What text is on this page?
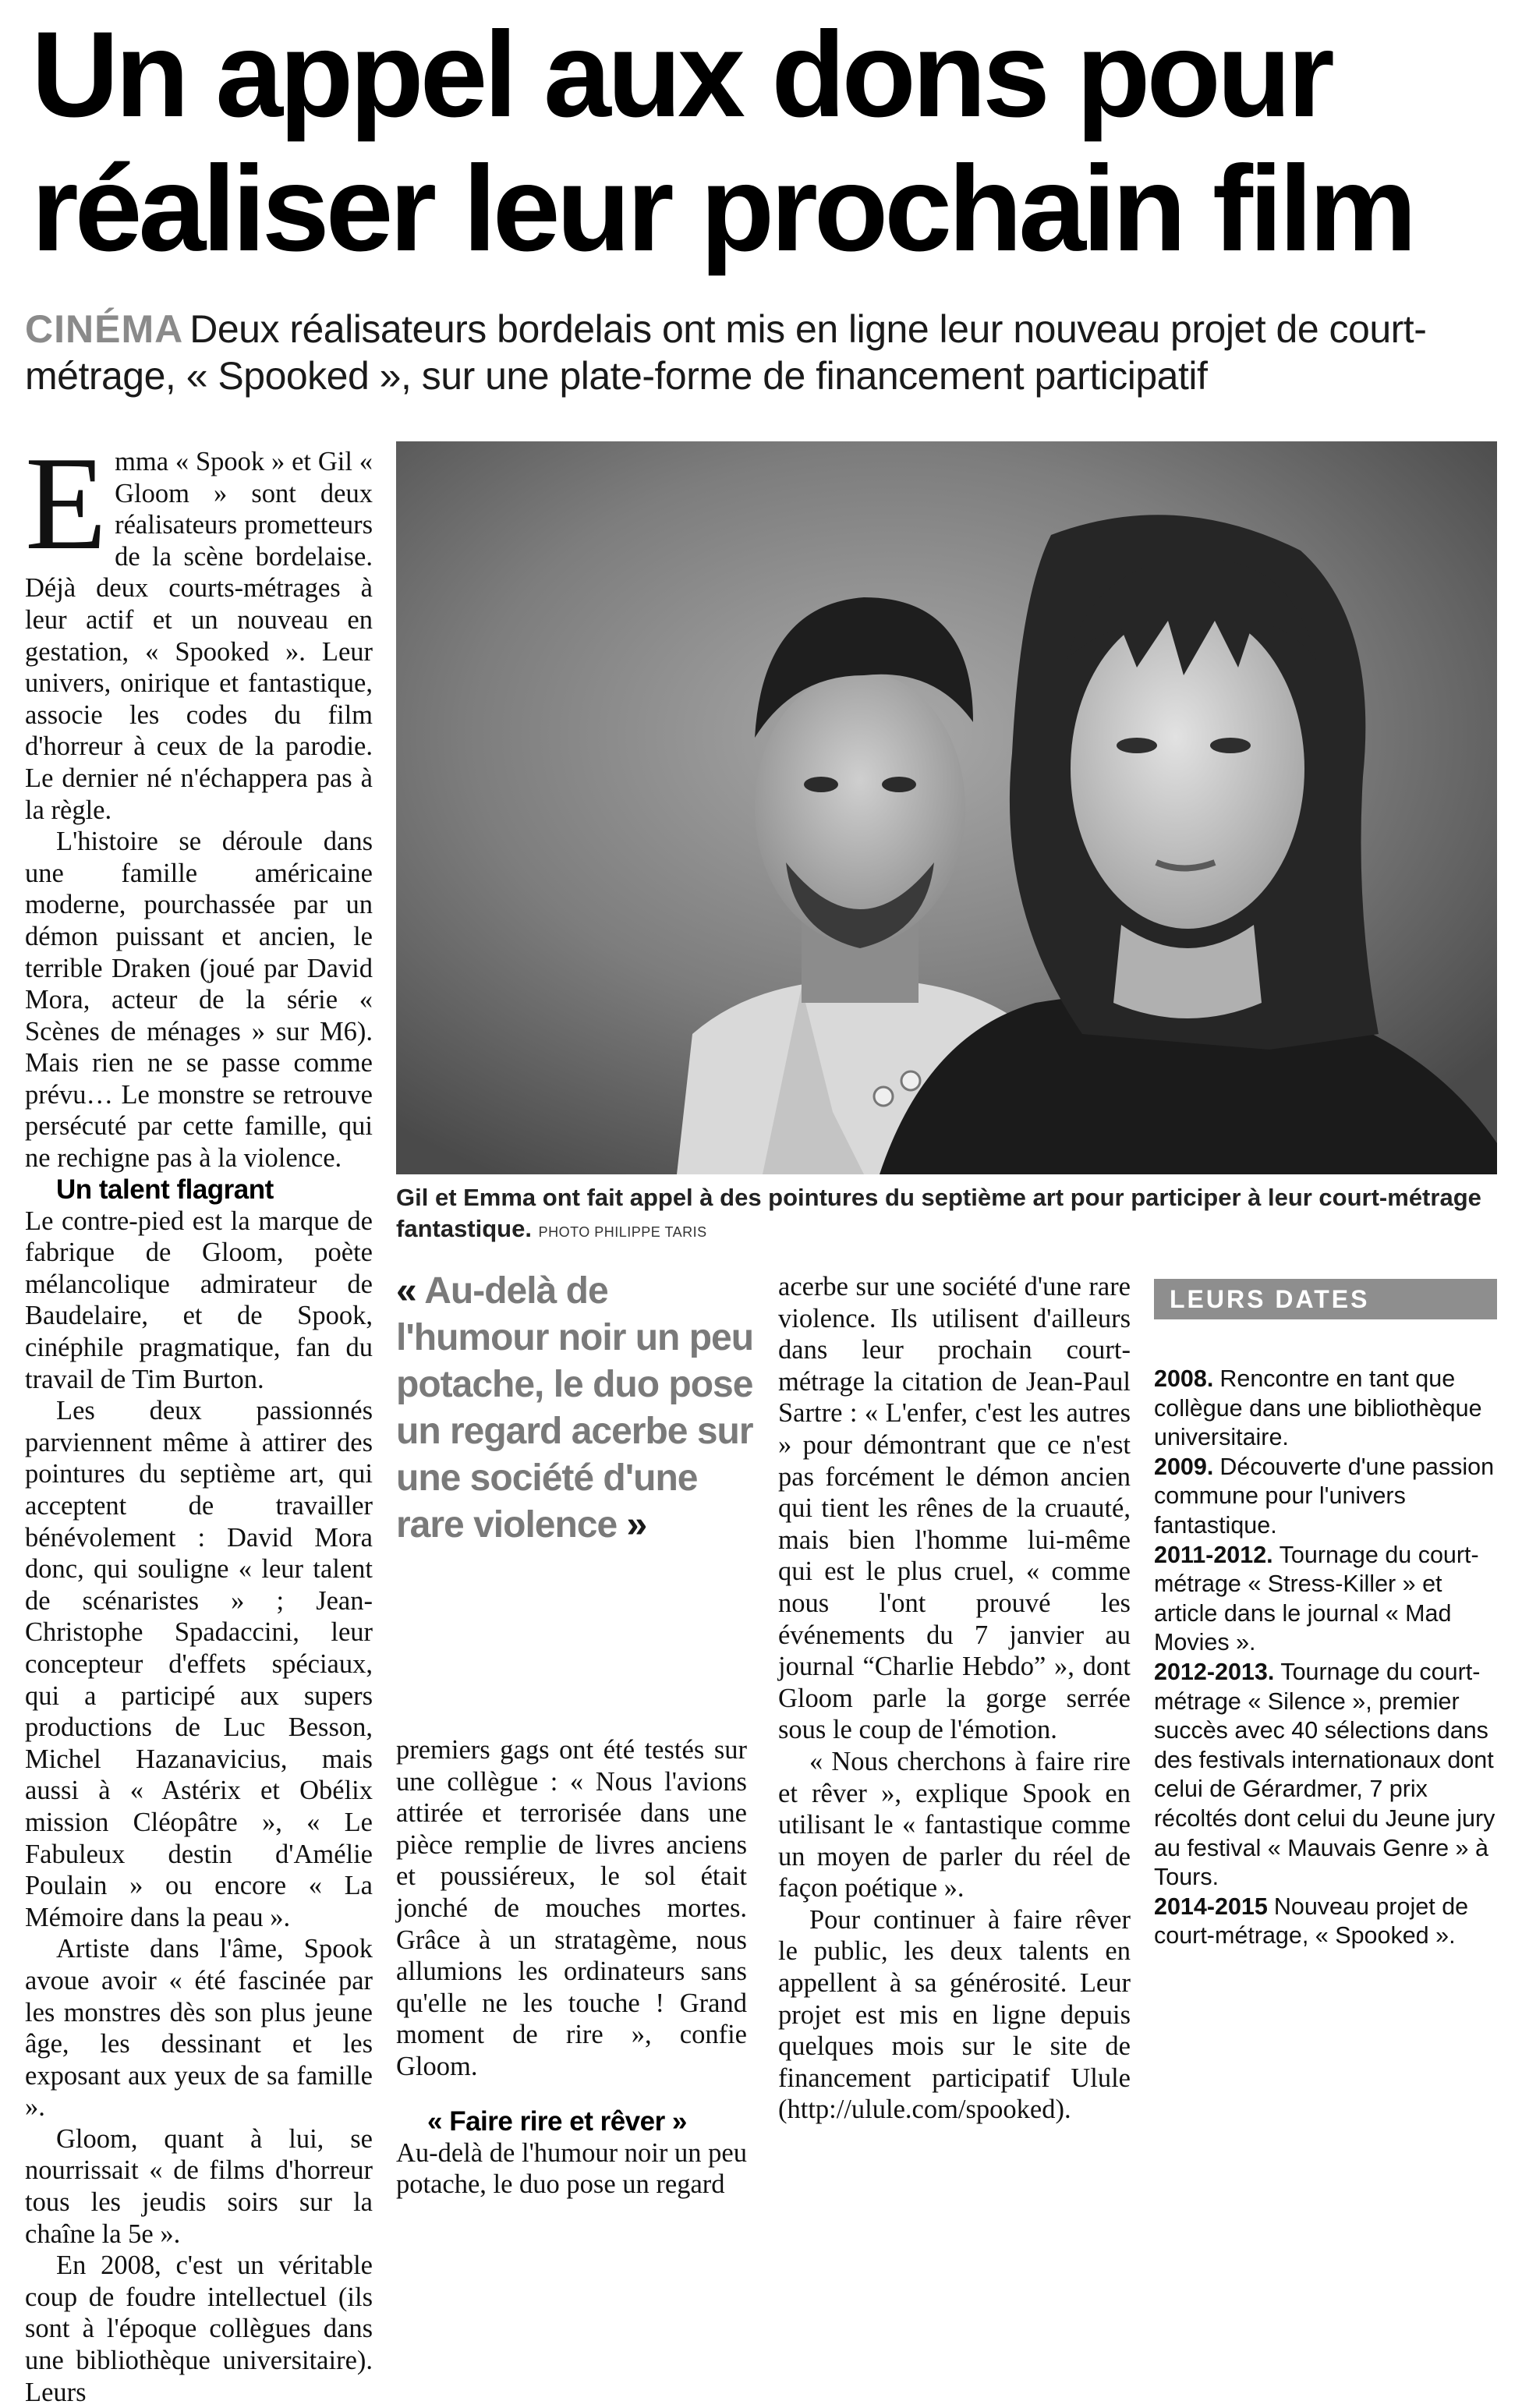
Un appel aux dons pour réaliser leur prochain film
CINÉMA Deux réalisateurs bordelais ont mis en ligne leur nouveau projet de court-métrage, « Spooked », sur une plate-forme de financement participatif

Emma « Spook » et Gil « Gloom » sont deux réalisateurs prometteurs de la scène bordelaise. Déjà deux courts-métrages à leur actif et un nouveau en gestation, « Spooked ». Leur univers, onirique et fantastique, associe les codes du film d'horreur à ceux de la parodie. Le dernier né n'échappera pas à la règle.

L'histoire se déroule dans une famille américaine moderne, pourchassée par un démon puissant et ancien, le terrible Draken (joué par David Mora, acteur de la série « Scènes de ménages » sur M6). Mais rien ne se passe comme prévu… Le monstre se retrouve persécuté par cette famille, qui ne rechigne pas à la violence.

Un talent flagrant

Le contre-pied est la marque de fabrique de Gloom, poète mélancolique admirateur de Baudelaire, et de Spook, cinéphile pragmatique, fan du travail de Tim Burton.

Les deux passionnés parviennent même à attirer des pointures du septième art, qui acceptent de travailler bénévolement : David Mora donc, qui souligne « leur talent de scénaristes » ; Jean-Christophe Spadaccini, leur concepteur d'effets spéciaux, qui a participé aux supers productions de Luc Besson, Michel Hazanavicius, mais aussi à « Astérix et Obélix mission Cléopâtre », « Le Fabuleux destin d'Amélie Poulain » ou encore « La Mémoire dans la peau ».

Artiste dans l'âme, Spook avoue avoir « été fascinée par les monstres dès son plus jeune âge, les dessinant et les exposant aux yeux de sa famille ».

Gloom, quant à lui, se nourrissait « de films d'horreur tous les jeudis soirs sur la chaîne la 5e ».

En 2008, c'est un véritable coup de foudre intellectuel (ils sont à l'époque collègues dans une bibliothèque universitaire). Leurs

Gil et Emma ont fait appel à des pointures du septième art pour participer à leur court-métrage fantastique. PHOTO PHILIPPE TARIS
« Au-delà de l'humour noir un peu potache, le duo pose un regard acerbe sur une société d'une rare violence »

premiers gags ont été testés sur une collègue : « Nous l'avions attirée et terrorisée dans une pièce remplie de livres anciens et poussiéreux, le sol était jonché de mouches mortes. Grâce à un stratagème, nous allumions les ordinateurs sans qu'elle ne les touche ! Grand moment de rire », confie Gloom.

« Faire rire et rêver »

Au-delà de l'humour noir un peu potache, le duo pose un regard

acerbe sur une société d'une rare violence. Ils utilisent d'ailleurs dans leur prochain court-métrage la citation de Jean-Paul Sartre : « L'enfer, c'est les autres » pour démontrant que ce n'est pas forcément le démon ancien qui tient les rênes de la cruauté, mais bien l'homme lui-même qui est le plus cruel, « comme nous l'ont prouvé les événements du 7 janvier au journal “Charlie Hebdo” », dont Gloom parle la gorge serrée sous le coup de l'émotion.

« Nous cherchons à faire rire et rêver », explique Spook en utilisant le « fantastique comme un moyen de parler du réel de façon poétique ».

Pour continuer à faire rêver le public, les deux talents en appellent à sa générosité. Leur projet est mis en ligne depuis quelques mois sur le site de financement participatif Ulule (http://ulule.com/spooked).

LEURS DATES

2008. Rencontre en tant que collègue dans une bibliothèque universitaire.

2009. Découverte d'une passion commune pour l'univers fantastique.

2011-2012. Tournage du court-métrage « Stress-Killer » et article dans le journal « Mad Movies ».

2012-2013. Tournage du court-métrage « Silence », premier succès avec 40 sélections dans des festivals internationaux dont celui de Gérardmer, 7 prix récoltés dont celui du Jeune jury au festival « Mauvais Genre » à Tours.

2014-2015 Nouveau projet de court-métrage, « Spooked ».
